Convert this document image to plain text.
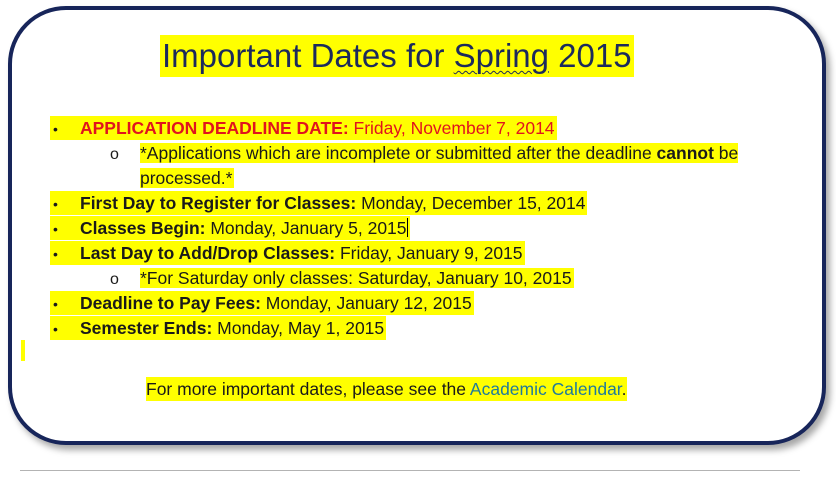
Important Dates for Spring 2015
• APPLICATION DEADLINE DATE: Friday, November 7, 2014
o *Applications which are incomplete or submitted after the deadline cannot be
processed.*
• First Day to Register for Classes: Monday, December 15, 2014
• Classes Begin: Monday, January 5, 2015
• Last Day to Add/Drop Classes: Friday, January 9, 2015
o *For Saturday only classes: Saturday, January 10, 2015
• Deadline to Pay Fees: Monday, January 12, 2015
• Semester Ends: Monday, May 1, 2015
For more important dates, please see the Academic Calendar.
